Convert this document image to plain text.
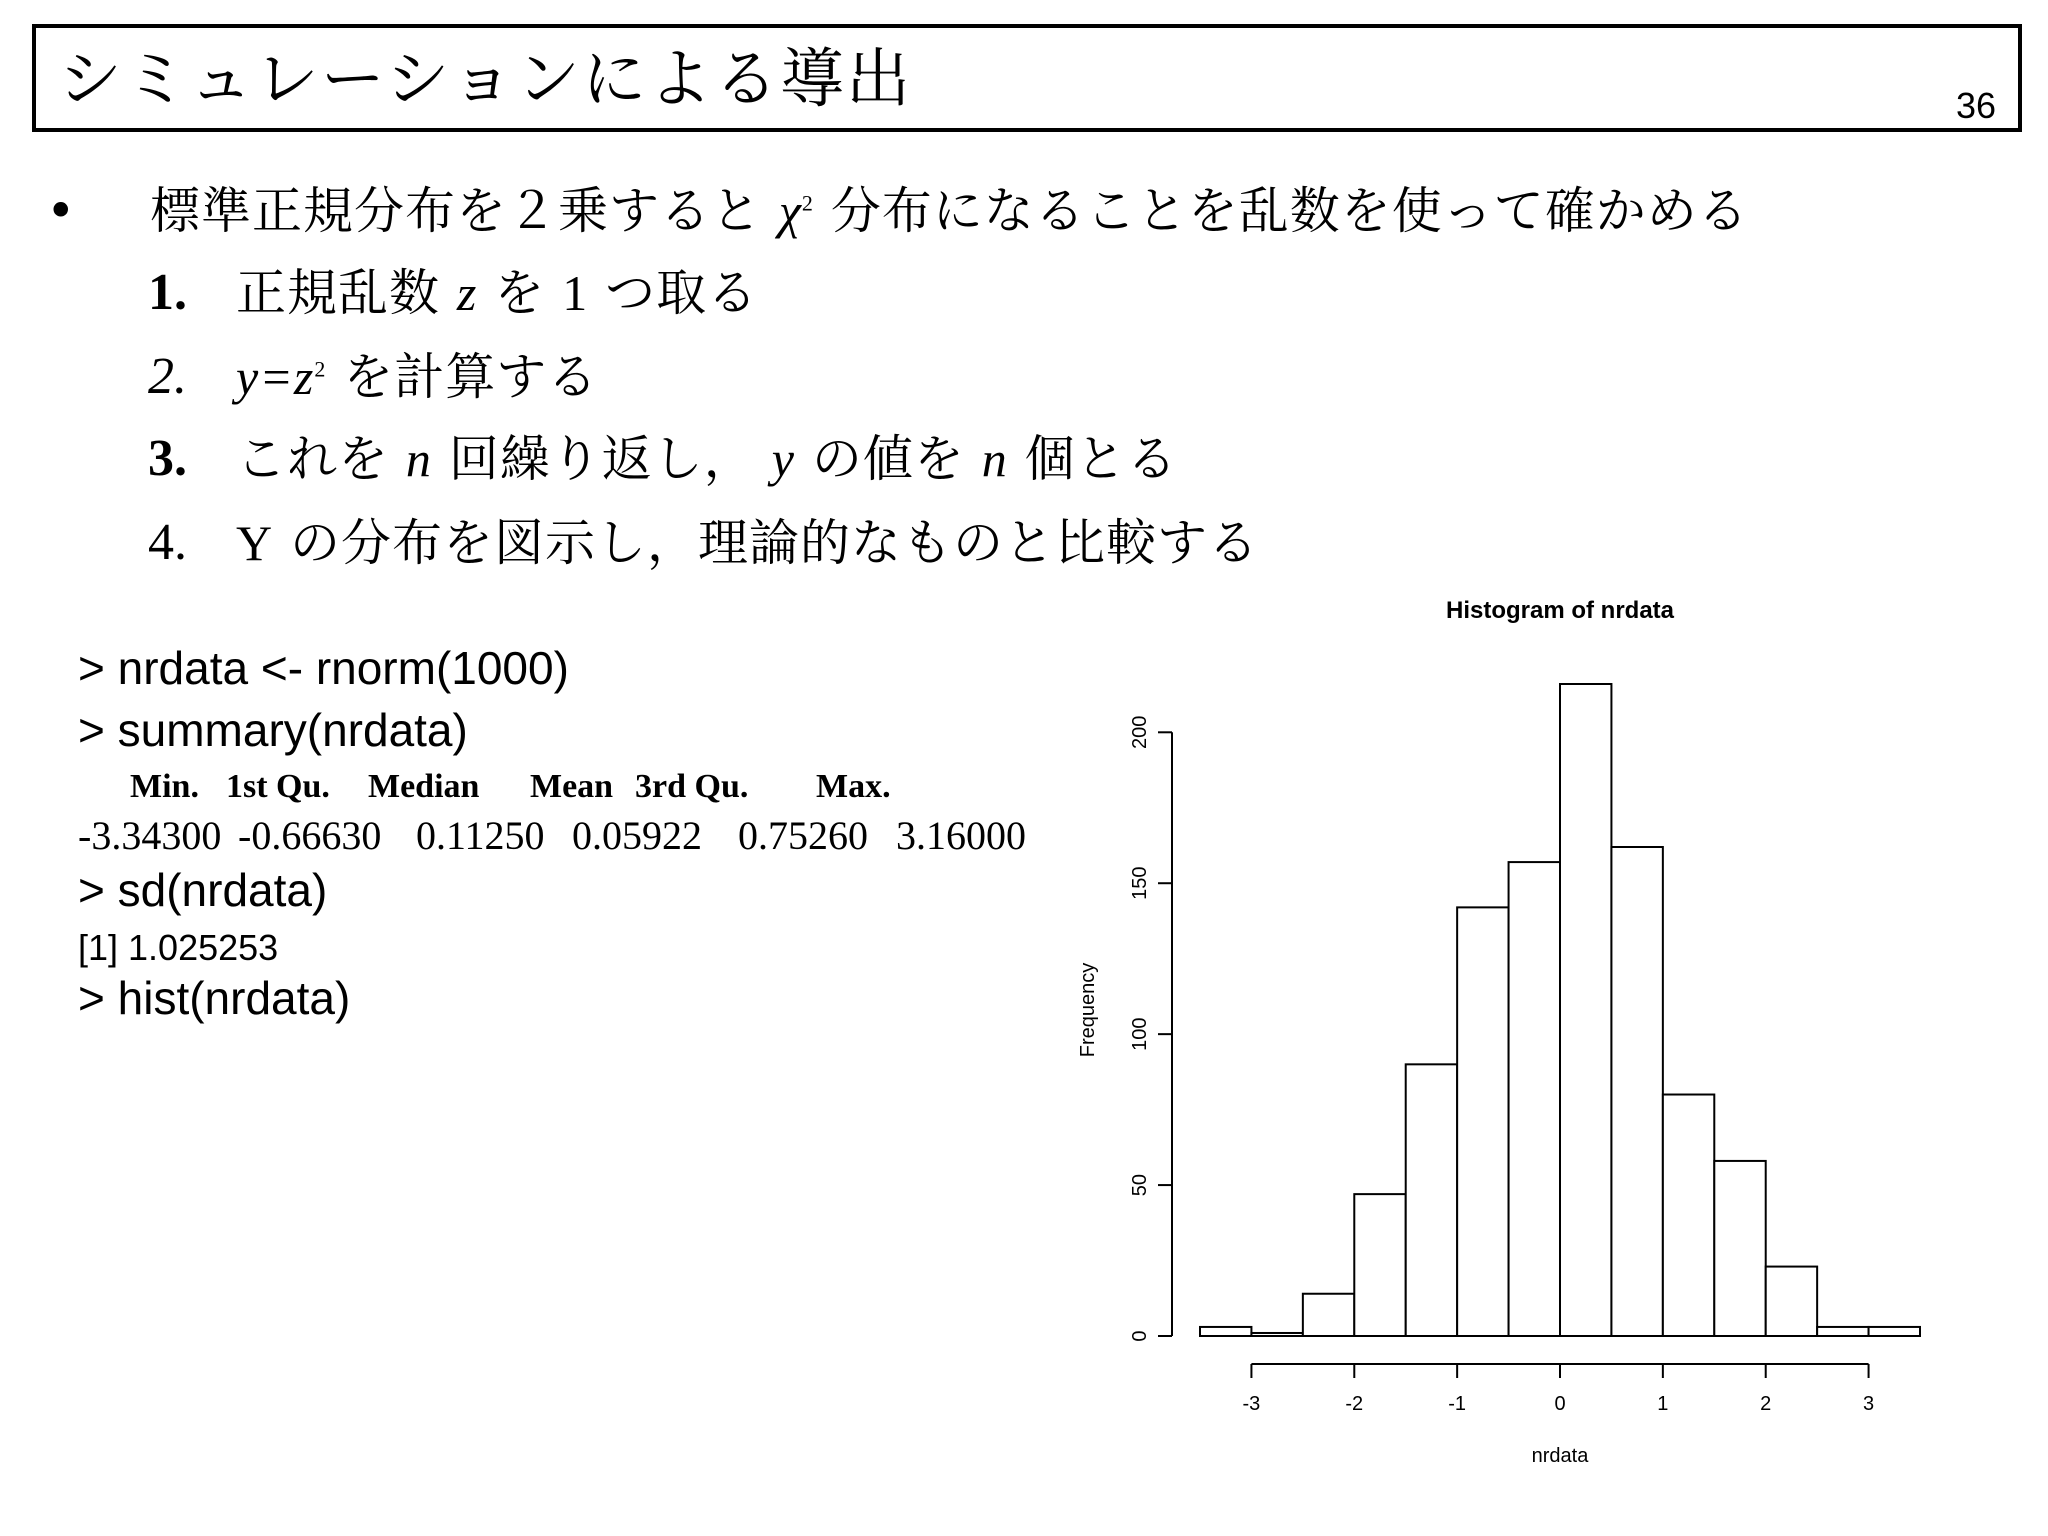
シミュレーションによる導出	36
• 標準正規分布を２乗すると $\chi^2$ 分布になることを乱数を使って確かめる
1. 正規乱数 z を 1 つ取る
2. $y=z^2$ を計算する
3. これを n 回繰り返し， y の値を n 個とる
4. Y の分布を図示し，理論的なものと比較する
> nrdata <- rnorm(1000)
> summary(nrdata)
Min. 1st Qu. Median Mean 3rd Qu. Max.
-3.34300 -0.66630 0.11250 0.05922 0.75260 3.16000
> sd(nrdata)
[1] 1.025253
> hist(nrdata)
Histogram of nrdata
Frequency
nrdata
-3	-2	-1	0	1	2	3
0
50
100
150
200
